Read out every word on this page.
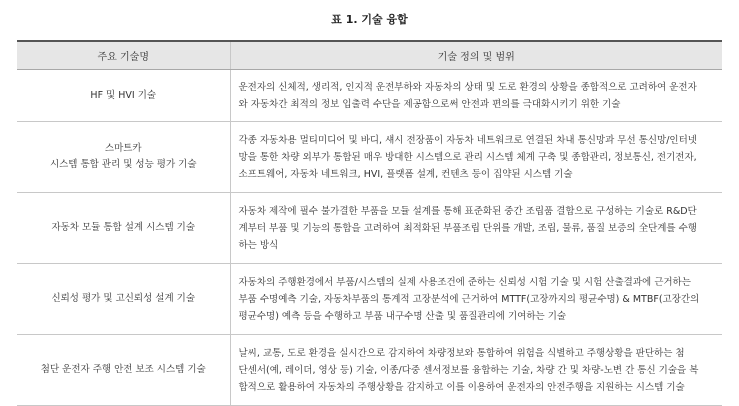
표 1. 기술 융합
주요 기술명	기술 정의 및 범위

HF 및 HVI 기술	운전자의 신체적, 생리적, 인지적 운전부하와 자동차의 상태 및 도로 환경의 상황을 종합적으로 고려하여 운전자
와 자동차간 최적의 정보 입출력 수단을 제공함으로써 안전과 편의를 극대화시키기 위한 기술

스마트카
시스템 통합 관리 및 성능 평가 기술	각종 자동차용 멀티미디어 및 바디, 섀시 전장품이 자동차 네트워크로 연결된 차내 통신망과 무선 통신망/인터넷
망을 통한 차량 외부가 통합된 매우 방대한 시스템으로 관리 시스템 체계 구축 및 종합관리, 정보통신, 전기전자,
소프트웨어, 자동차 네트워크, HVI, 플랫폼 설계, 컨텐츠 등이 집약된 시스템 기술

자동차 모듈 통합 설계 시스템 기술	자동차 제작에 필수 불가결한 부품을 모듈 설계를 통해 표준화된 중간 조립품 결합으로 구성하는 기술로 R&D단
계부터 부품 및 기능의 통합을 고려하여 최적화된 부품조립 단위를 개발, 조립, 물류, 품질 보증의 全단계를 수행
하는 방식

신뢰성 평가 및 고신뢰성 설계 기술	자동차의 주행환경에서 부품/시스템의 실제 사용조건에 준하는 신뢰성 시험 기술 및 시험 산출결과에 근거하는
부품 수명예측 기술, 자동차부품의 통계적 고장분석에 근거하여 MTTF(고장까지의 평균수명) & MTBF(고장간의
평균수명) 예측 등을 수행하고 부품 내구수명 산출 및 품질관리에 기여하는 기술

첨단 운전자 주행 안전 보조 시스템 기술	날씨, 교통, 도로 환경을 실시간으로 감지하여 차량정보와 통합하여 위험을 식별하고 주행상황을 판단하는 첨
단센서(예, 레이더, 영상 등) 기술, 이종/다중 센서정보를 융합하는 기술, 차량 간 및 차량-노변 간 통신 기술을 복
합적으로 활용하여 자동차의 주행상황을 감지하고 이를 이용하여 운전자의 안전주행을 지원하는 시스템 기술
